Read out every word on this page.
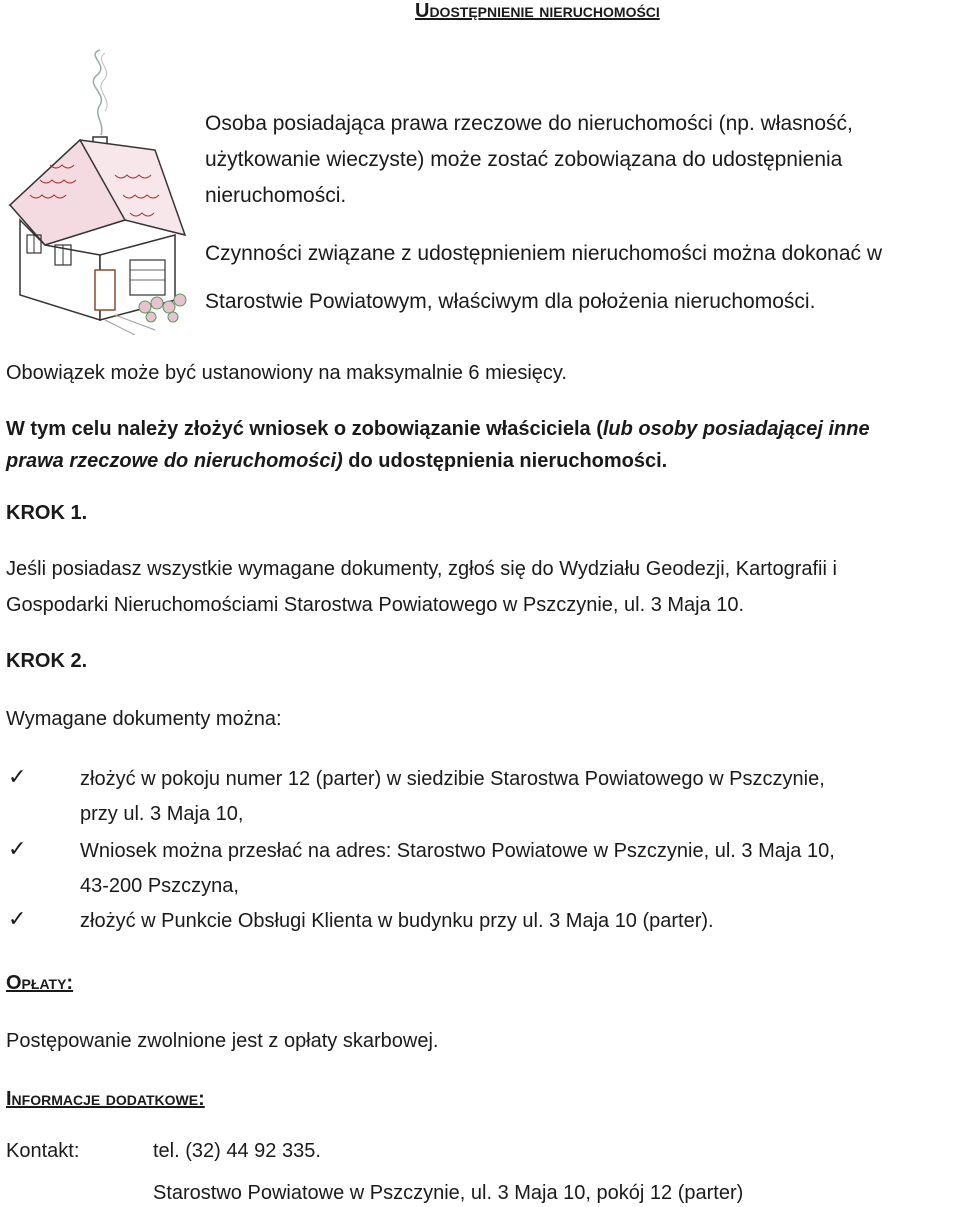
Udostępnienie nieruchomości
Osoba posiadająca prawa rzeczowe do nieruchomości (np. własność,
użytkowanie wieczyste) może zostać zobowiązana do udostępnienia
nieruchomości.
Czynności związane z udostępnieniem nieruchomości można dokonać w
Starostwie Powiatowym, właściwym dla położenia nieruchomości.
Obowiązek może być ustanowiony na maksymalnie 6 miesięcy.
W tym celu należy złożyć wniosek o zobowiązanie właściciela (lub osoby posiadającej inne
prawa rzeczowe do nieruchomości) do udostępnienia nieruchomości.
KROK 1.
Jeśli posiadasz wszystkie wymagane dokumenty, zgłoś się do Wydziału Geodezji, Kartografii i
Gospodarki Nieruchomościami Starostwa Powiatowego w Pszczynie, ul. 3 Maja 10.
KROK 2.
Wymagane dokumenty można:
✓	złożyć w pokoju numer 12 (parter) w siedzibie Starostwa Powiatowego w Pszczynie,
przy ul. 3 Maja 10,
✓	Wniosek można przesłać na adres: Starostwo Powiatowe w Pszczynie, ul. 3 Maja 10,
43-200 Pszczyna,
✓	złożyć w Punkcie Obsługi Klienta w budynku przy ul. 3 Maja 10 (parter).
Opłaty:
Postępowanie zwolnione jest z opłaty skarbowej.
Informacje dodatkowe:
Kontakt:	tel. (32) 44 92 335.
Starostwo Powiatowe w Pszczynie, ul. 3 Maja 10, pokój 12 (parter)
